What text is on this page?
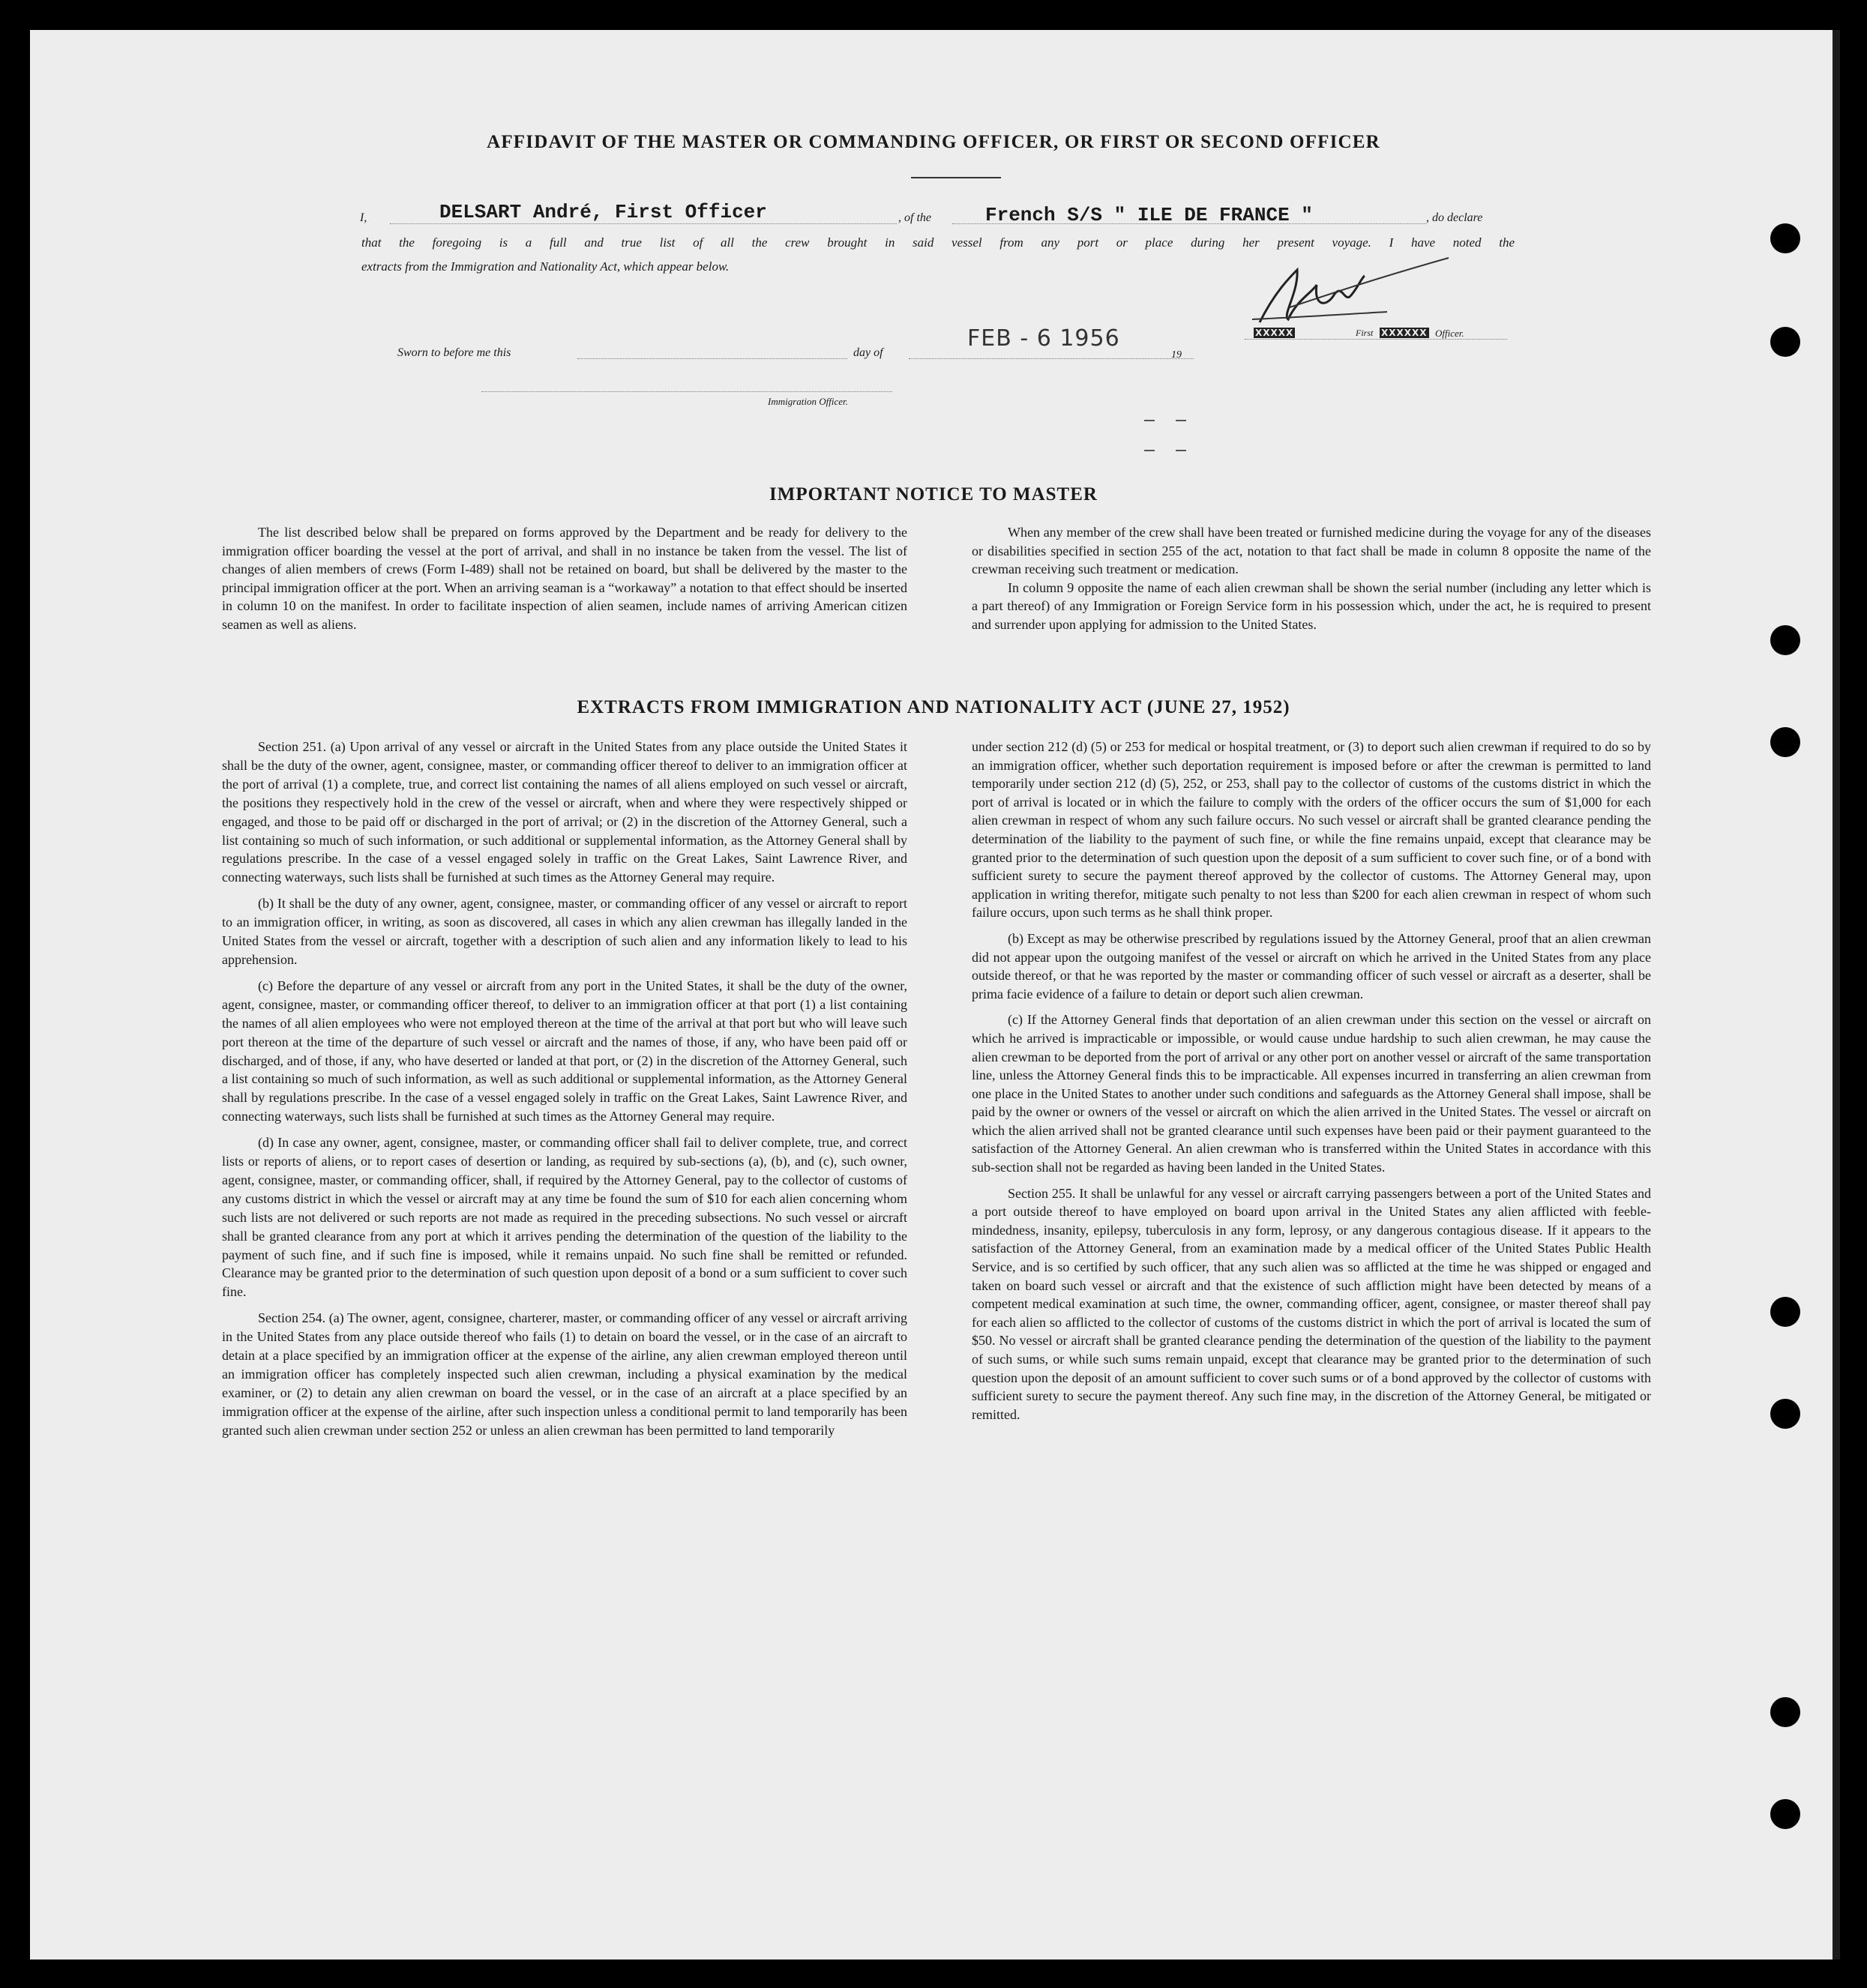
AFFIDAVIT OF THE MASTER OR COMMANDING OFFICER, OR FIRST OR SECOND OFFICER
I,	DELSART André, First Officer	, of the	French S/S " ILE DE FRANCE "	, do declare
that the foregoing is a full and true list of all the crew brought in said vessel from any port or place during her present voyage. I have noted the
extracts from the Immigration and Nationality Act, which appear below.
Sworn to before me this	day of
FEB - 6 1956
19
XXXXX	First XXXXXX Officer.
Immigration Officer.
IMPORTANT NOTICE TO MASTER

The list described below shall be prepared on forms approved by the Department and be ready for delivery to the immigration officer boarding the vessel at the port of arrival, and shall in no instance be taken from the vessel. The list of changes of alien members of crews (Form I-489) shall not be retained on board, but shall be delivered by the master to the principal immigration officer at the port. When an arriving seaman is a “workaway” a notation to that effect should be inserted in column 10 on the manifest. In order to facilitate inspection of alien seamen, include names of arriving American citizen seamen as well as aliens.

When any member of the crew shall have been treated or furnished medicine during the voyage for any of the diseases or disabilities specified in section 255 of the act, notation to that fact shall be made in column 8 opposite the name of the crewman receiving such treatment or medication.

In column 9 opposite the name of each alien crewman shall be shown the serial number (including any letter which is a part thereof) of any Immigration or Foreign Service form in his possession which, under the act, he is required to present and surrender upon applying for admission to the United States.

EXTRACTS FROM IMMIGRATION AND NATIONALITY ACT (JUNE 27, 1952)

Section 251. (a) Upon arrival of any vessel or aircraft in the United States from any place outside the United States it shall be the duty of the owner, agent, consignee, master, or commanding officer thereof to deliver to an immigration officer at the port of arrival (1) a complete, true, and correct list containing the names of all aliens employed on such vessel or aircraft, the positions they respectively hold in the crew of the vessel or aircraft, when and where they were respectively shipped or engaged, and those to be paid off or discharged in the port of arrival; or (2) in the discretion of the Attorney General, such a list containing so much of such information, or such additional or supplemental information, as the Attorney General shall by regulations prescribe. In the case of a vessel engaged solely in traffic on the Great Lakes, Saint Lawrence River, and connecting waterways, such lists shall be furnished at such times as the Attorney General may require.

(b) It shall be the duty of any owner, agent, consignee, master, or commanding officer of any vessel or aircraft to report to an immigration officer, in writing, as soon as discovered, all cases in which any alien crewman has illegally landed in the United States from the vessel or aircraft, together with a description of such alien and any information likely to lead to his apprehension.

(c) Before the departure of any vessel or aircraft from any port in the United States, it shall be the duty of the owner, agent, consignee, master, or commanding officer thereof, to deliver to an immigration officer at that port (1) a list containing the names of all alien employees who were not employed thereon at the time of the arrival at that port but who will leave such port thereon at the time of the departure of such vessel or aircraft and the names of those, if any, who have been paid off or discharged, and of those, if any, who have deserted or landed at that port, or (2) in the discretion of the Attorney General, such a list containing so much of such information, as well as such additional or supplemental information, as the Attorney General shall by regulations prescribe. In the case of a vessel engaged solely in traffic on the Great Lakes, Saint Lawrence River, and connecting waterways, such lists shall be furnished at such times as the Attorney General may require.

(d) In case any owner, agent, consignee, master, or commanding officer shall fail to deliver complete, true, and correct lists or reports of aliens, or to report cases of desertion or landing, as required by sub-sections (a), (b), and (c), such owner, agent, consignee, master, or commanding officer, shall, if required by the Attorney General, pay to the collector of customs of any customs district in which the vessel or aircraft may at any time be found the sum of $10 for each alien concerning whom such lists are not delivered or such reports are not made as required in the preceding subsections. No such vessel or aircraft shall be granted clearance from any port at which it arrives pending the determination of the question of the liability to the payment of such fine, and if such fine is imposed, while it remains unpaid. No such fine shall be remitted or refunded. Clearance may be granted prior to the determination of such question upon deposit of a bond or a sum sufficient to cover such fine.

Section 254. (a) The owner, agent, consignee, charterer, master, or commanding officer of any vessel or aircraft arriving in the United States from any place outside thereof who fails (1) to detain on board the vessel, or in the case of an aircraft to detain at a place specified by an immigration officer at the expense of the airline, any alien crewman employed thereon until an immigration officer has completely inspected such alien crewman, including a physical examination by the medical examiner, or (2) to detain any alien crewman on board the vessel, or in the case of an aircraft at a place specified by an immigration officer at the expense of the airline, after such inspection unless a conditional permit to land temporarily has been granted such alien crewman under section 252 or unless an alien crewman has been permitted to land temporarily

under section 212 (d) (5) or 253 for medical or hospital treatment, or (3) to deport such alien crewman if required to do so by an immigration officer, whether such deportation requirement is imposed before or after the crewman is permitted to land temporarily under section 212 (d) (5), 252, or 253, shall pay to the collector of customs of the customs district in which the port of arrival is located or in which the failure to comply with the orders of the officer occurs the sum of $1,000 for each alien crewman in respect of whom any such failure occurs. No such vessel or aircraft shall be granted clearance pending the determination of the liability to the payment of such fine, or while the fine remains unpaid, except that clearance may be granted prior to the determination of such question upon the deposit of a sum sufficient to cover such fine, or of a bond with sufficient surety to secure the payment thereof approved by the collector of customs. The Attorney General may, upon application in writing therefor, mitigate such penalty to not less than $200 for each alien crewman in respect of whom such failure occurs, upon such terms as he shall think proper.

(b) Except as may be otherwise prescribed by regulations issued by the Attorney General, proof that an alien crewman did not appear upon the outgoing manifest of the vessel or aircraft on which he arrived in the United States from any place outside thereof, or that he was reported by the master or commanding officer of such vessel or aircraft as a deserter, shall be prima facie evidence of a failure to detain or deport such alien crewman.

(c) If the Attorney General finds that deportation of an alien crewman under this section on the vessel or aircraft on which he arrived is impracticable or impossible, or would cause undue hardship to such alien crewman, he may cause the alien crewman to be deported from the port of arrival or any other port on another vessel or aircraft of the same transportation line, unless the Attorney General finds this to be impracticable. All expenses incurred in transferring an alien crewman from one place in the United States to another under such conditions and safeguards as the Attorney General shall impose, shall be paid by the owner or owners of the vessel or aircraft on which the alien arrived in the United States. The vessel or aircraft on which the alien arrived shall not be granted clearance until such expenses have been paid or their payment guaranteed to the satisfaction of the Attorney General. An alien crewman who is transferred within the United States in accordance with this sub-section shall not be regarded as having been landed in the United States.

Section 255. It shall be unlawful for any vessel or aircraft carrying passengers between a port of the United States and a port outside thereof to have employed on board upon arrival in the United States any alien afflicted with feeble-mindedness, insanity, epilepsy, tuberculosis in any form, leprosy, or any dangerous contagious disease. If it appears to the satisfaction of the Attorney General, from an examination made by a medical officer of the United States Public Health Service, and is so certified by such officer, that any such alien was so afflicted at the time he was shipped or engaged and taken on board such vessel or aircraft and that the existence of such affliction might have been detected by means of a competent medical examination at such time, the owner, commanding officer, agent, consignee, or master thereof shall pay for each alien so afflicted to the collector of customs of the customs district in which the port of arrival is located the sum of $50. No vessel or aircraft shall be granted clearance pending the determination of the question of the liability to the payment of such sums, or while such sums remain unpaid, except that clearance may be granted prior to the determination of such question upon the deposit of an amount sufficient to cover such sums or of a bond approved by the collector of customs with sufficient surety to secure the payment thereof. Any such fine may, in the discretion of the Attorney General, be mitigated or remitted.
